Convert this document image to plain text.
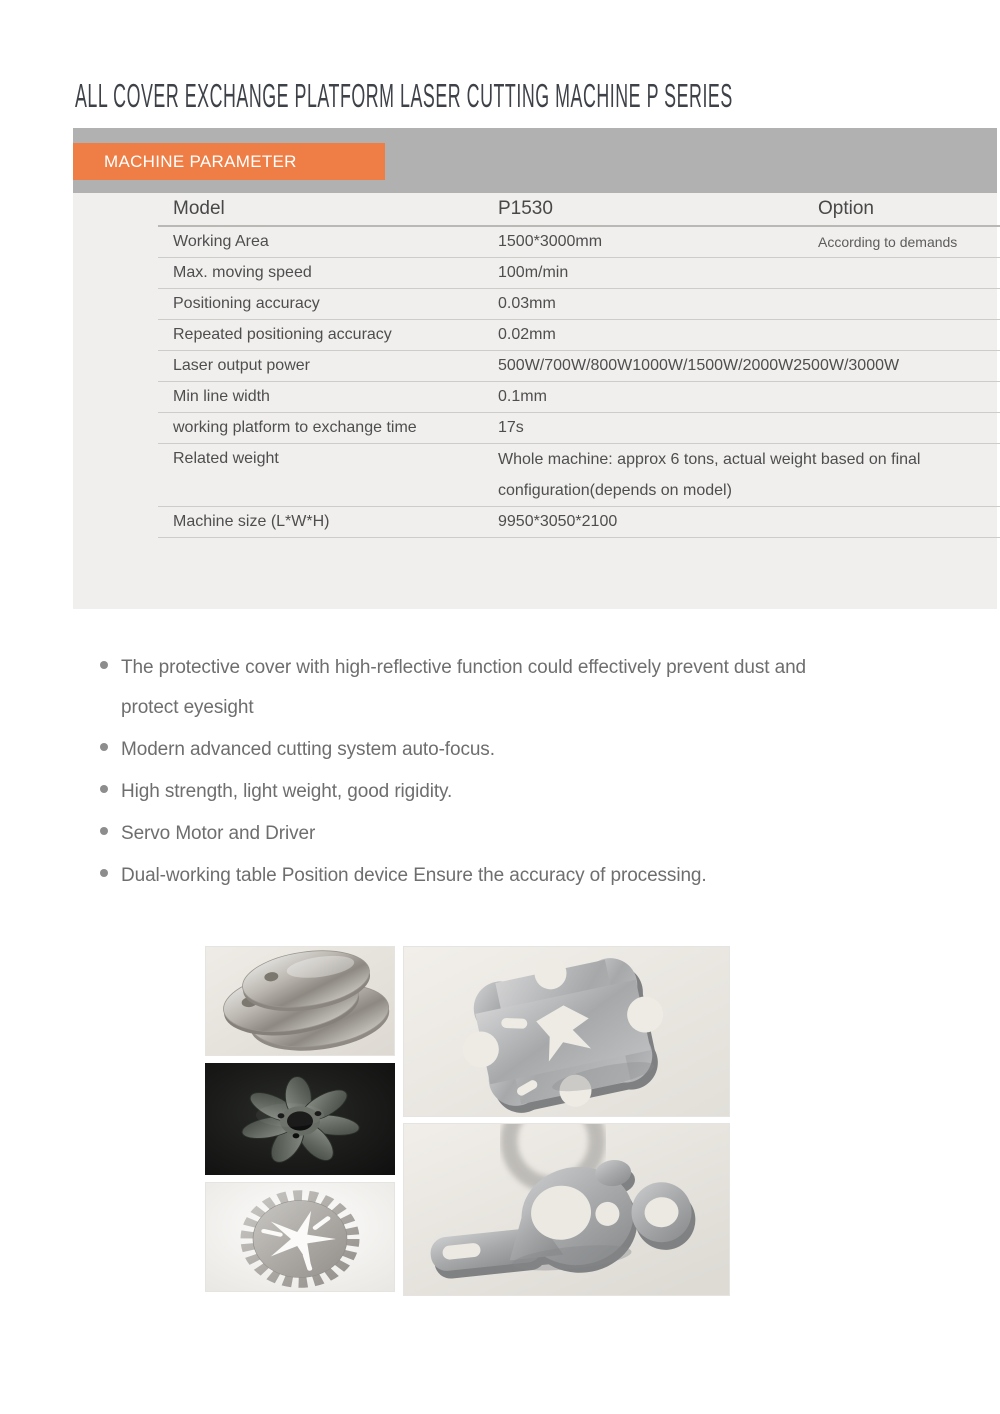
ALL COVER EXCHANGE PLATFORM LASER CUTTING MACHINE P SERIES
MACHINE PARAMETER
Model	P1530	Option
Working Area	1500*3000mm	According to demands
Max. moving speed	100m/min
Positioning accuracy	0.03mm
Repeated positioning accuracy	0.02mm
Laser output power	500W/700W/800W1000W/1500W/2000W2500W/3000W
Min line width	0.1mm
working platform to exchange time	17s
Related weight	Whole machine: approx 6 tons, actual weight based on final configuration(depends on model)
Machine size (L*W*H)	9950*3050*2100
The protective cover with high-reflective function could effectively prevent dust and protect eyesight
Modern advanced cutting system auto-focus.
High strength, light weight, good rigidity.
Servo Motor and Driver
Dual-working table Position device Ensure the accuracy of processing.
